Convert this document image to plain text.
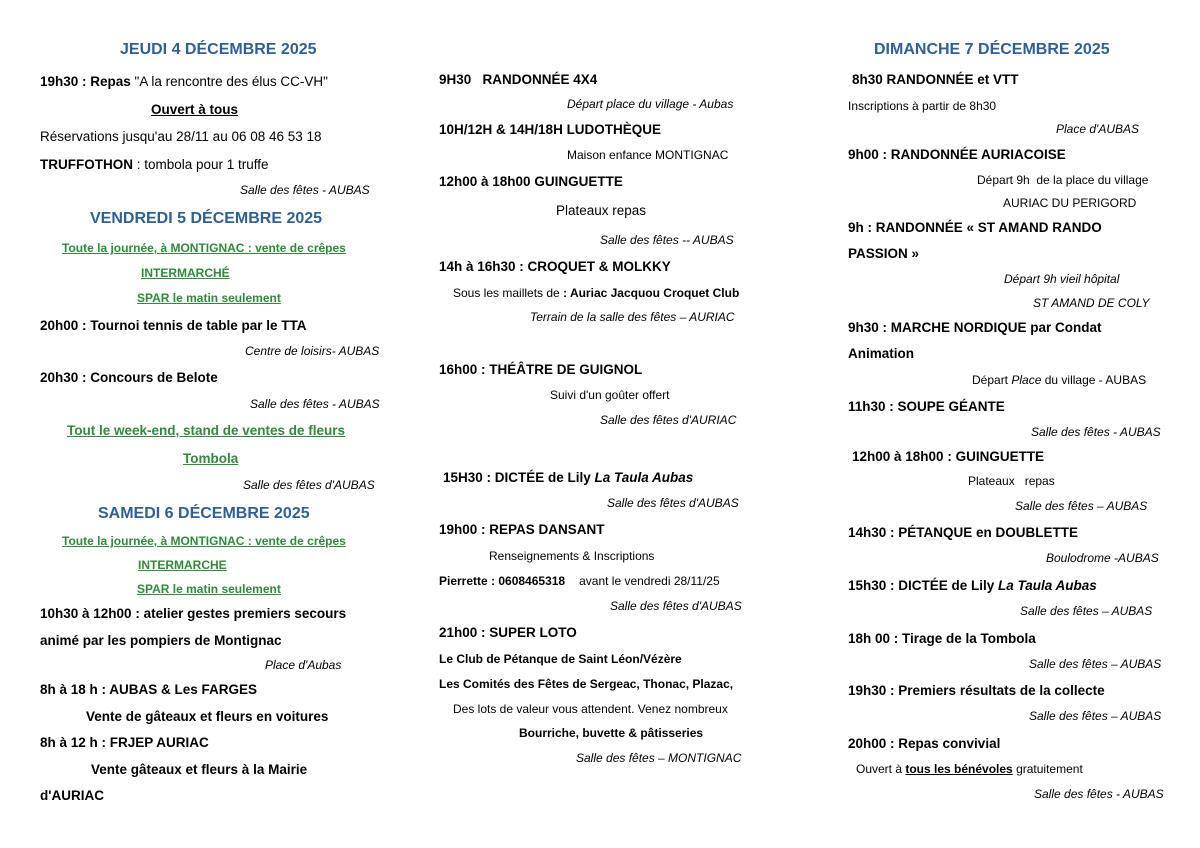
JEUDI 4 DÉCEMBRE 2025
19h30 : Repas "A la rencontre des élus CC-VH"
Ouvert à tous
Réservations jusqu'au 28/11 au 06 08 46 53 18
TRUFFOTHON : tombola pour 1 truffe
Salle des fêtes - AUBAS
VENDREDI 5 DÉCEMBRE 2025
Toute la journée, à MONTIGNAC : vente de crêpes
INTERMARCHÉ
SPAR le matin seulement
20h00 : Tournoi tennis de table par le TTA
Centre de loisirs- AUBAS
20h30 : Concours de Belote
Salle des fêtes - AUBAS
Tout le week-end, stand de ventes de fleurs
Tombola
Salle des fêtes d'AUBAS
SAMEDI 6 DÉCEMBRE 2025
Toute la journée, à MONTIGNAC : vente de crêpes
INTERMARCHE
SPAR le matin seulement
10h30 à 12h00 : atelier gestes premiers secours
animé par les pompiers de Montignac
Place d'Aubas
8h à 18 h : AUBAS & Les FARGES
Vente de gâteaux et fleurs en voitures
8h à 12 h : FRJEP AURIAC
Vente gâteaux et fleurs à la Mairie
d'AURIAC
9H30   RANDONNÉE 4X4
Départ place du village - Aubas
10H/12H & 14H/18H LUDOTHÈQUE
Maison enfance MONTIGNAC
12h00 à 18h00 GUINGUETTE
Plateaux repas
Salle des fêtes -- AUBAS
14h à 16h30 : CROQUET & MOLKKY
Sous les maillets de : Auriac Jacquou Croquet Club
Terrain de la salle des fêtes – AURIAC
16h00 : THÉÂTRE DE GUIGNOL
Suivi d'un goûter offert
Salle des fêtes d'AURIAC
15H30 : DICTÉE de Lily La Taula Aubas
Salle des fêtes d'AUBAS
19h00 : REPAS DANSANT
Renseignements & Inscriptions
Pierrette : 0608465318 avant le vendredi 28/11/25
Salle des fêtes d'AUBAS
21h00 : SUPER LOTO
Le Club de Pétanque de Saint Léon/Vézère
Les Comités des Fêtes de Sergeac, Thonac, Plazac,
Des lots de valeur vous attendent. Venez nombreux
Bourriche, buvette & pâtisseries
Salle des fêtes – MONTIGNAC
DIMANCHE 7 DÉCEMBRE 2025
8h30 RANDONNÉE et VTT
Inscriptions à partir de 8h30
Place d'AUBAS
9h00 : RANDONNÉE AURIACOISE
Départ 9h  de la place du village
AURIAC DU PERIGORD
9h : RANDONNÉE « ST AMAND RANDO
PASSION »
Départ 9h vieil hôpital
ST AMAND DE COLY
9h30 : MARCHE NORDIQUE par Condat
Animation
Départ Place du village - AUBAS
11h30 : SOUPE GÉANTE
Salle des fêtes - AUBAS
12h00 à 18h00 : GUINGUETTE
Plateaux   repas
Salle des fêtes – AUBAS
14h30 : PÉTANQUE en DOUBLETTE
Boulodrome -AUBAS
15h30 : DICTÉE de Lily La Taula Aubas
Salle des fêtes – AUBAS
18h 00 : Tirage de la Tombola
Salle des fêtes – AUBAS
19h30 : Premiers résultats de la collecte
Salle des fêtes – AUBAS
20h00 : Repas convivial
Ouvert à tous les bénévoles gratuitement
Salle des fêtes - AUBAS
